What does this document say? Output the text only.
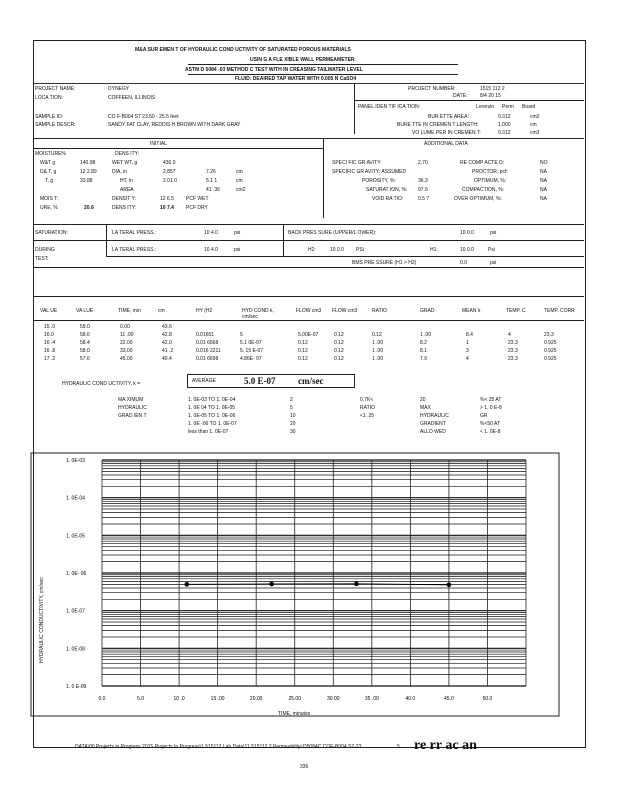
M&A SUR EMEN T OF HYDRAULIC COND UCTIVITY OF SATURATED POROUS MATERIALS
USIN G A FLE XIBLE WALL PERMEAMETER
ASTM D 5084 -03 METHOD C TEST WITH IN CREASING TAILWATER LEVEL
FLUID: DEAIRED TAP WATER WITH 0.005 N CaSO4
PROJECT NAME:	DYNEGY
LOCA TION:	COFFEEN, ILLINOIS
SAMPLE ID:	CO F-B004 S7 23.50 - 25.5 feet
SAMPLE DESCR:	SANDY FAT CLAY, REDDIS H BROWN WITH DARK GRAY
PROJECT NUMBER:	1515 112 2
DATE:	8/4 20 15
PANEL IDEN TIF ICA TION:	Lorenzo Perm Board
BUR ETTE AREA:	0.312	cm2
BURE TTE IN CREMEN T LENGTH:	1.000	cm
VO LUME PER IN CREMEN T:	0.312	cm3
INITIAL	ADDITIONAL DATA
MOISTURE%	DENS ITY:
W&T g	140.98	WET WT, g	436.0
D& T, g	12 2.89	DIA, in	2.857	7.26	cm
T, g	33.88	HT, in	2.01 0	5.1 1	cm
AREA	41 .36	cm2
MOIS T:	DENSIT Y:	12 6.5 PCF WET
URE, %	20.6	DENS ITY:	10 7.4 PCF DRY
SPECI FIC GR AVITY:	2.70	RE COMP ACTE D:	NO
SPECIFIC GR AVITY: ASSUMED	PROCTOR, pcf:	NA
POROSITY, %:	36.3	OPTIMUM, %:	NA
SATURAT ION, %: 97.6	COMPACTION, %:	NA
VOID RA TIO:	0.5 7	OVER OPTIMUM, %:	NA
SATURATION:	LA TERAL PRESS.:	10 4.0	psi	BACK PRES SURE (UPPER/L OWER):	10 0.0	psi
DURING
TEST:
LA TERAL PRESS.:	10 4.0	psi	H2:	10 0.0 PSi	H1:	10 0.0	Psi
BMS PRE SSURE (H1 > H2)	0.0	psi
VAL UE	VA LUE	TIME, min	cm	HY (H2	HYD COND k, cm/sec
FLOW cm3	FLOW cm3	RATIO	GRAD	MEAN k	TEMP. C	TEMP. CORR
15 .0	59.0	0.00	43.6
16.0	58.6	11 .00	42.8	0.01651	5	5.00E-07	0.12	0.12	1 .00	8.4	4	23.3
16 .4	58.4	22.00	42.0	0.01 6668	5.1 0E-07	0.12	0.12	1 .00	8.2	1	23.3	0.925
16 .8	58.0	33.00	41 .2	0.016 2211	5. 15 E-07	0.12	0.12	1 .00	8.1	3	23.3	0.925
17 .2	57.6	45.00	40.4	0.01 6698	4.86E- 07	0.12	0.12	1 .00	7.9	4	23.3	0.925
HYDRAULIC COND UCTIVITY, k =	AVERAGE	5.0 E-07	cm/sec
MA XIMUM	1. 0E-03 TO 1. 0E-04	2	0.7K<	20	%< 25 AT
HYDRAULIC	1. 0E 04 TO 1. 0E-05	5	RATIO	MAX	> 1. 0 E-8
GRAD IEN T	1. 0E-05 TO 1. 0E-06	10	<1 .25	HYDRAULIC	GR
1. 0E -06 TO 1. 0E-07	20	GRADIENT	%<50 AT
less than 1. 0E-07	30	ALLO WED	< 1. 0E-8
0.0	5.0	10 .0	15 .00	20.00	25.00	30.00	35 .00	40.0	45.0	50.0
1. 0E-03
1. 0E-04
1. 0E-05
1. 0E- 06
1. 0E-07
1. 0E-08
1. 0 E-09
TIME, minutes
HYDRAULIC CONDUCTIVITY, cm/sec
DATA\00 Projects in Progress 2015 Projects In Progress\1 515112 Lab Data\11 515112 2 Permeabilityi D5084C COF-B004 S7-23.	5 re rr ac an
336
